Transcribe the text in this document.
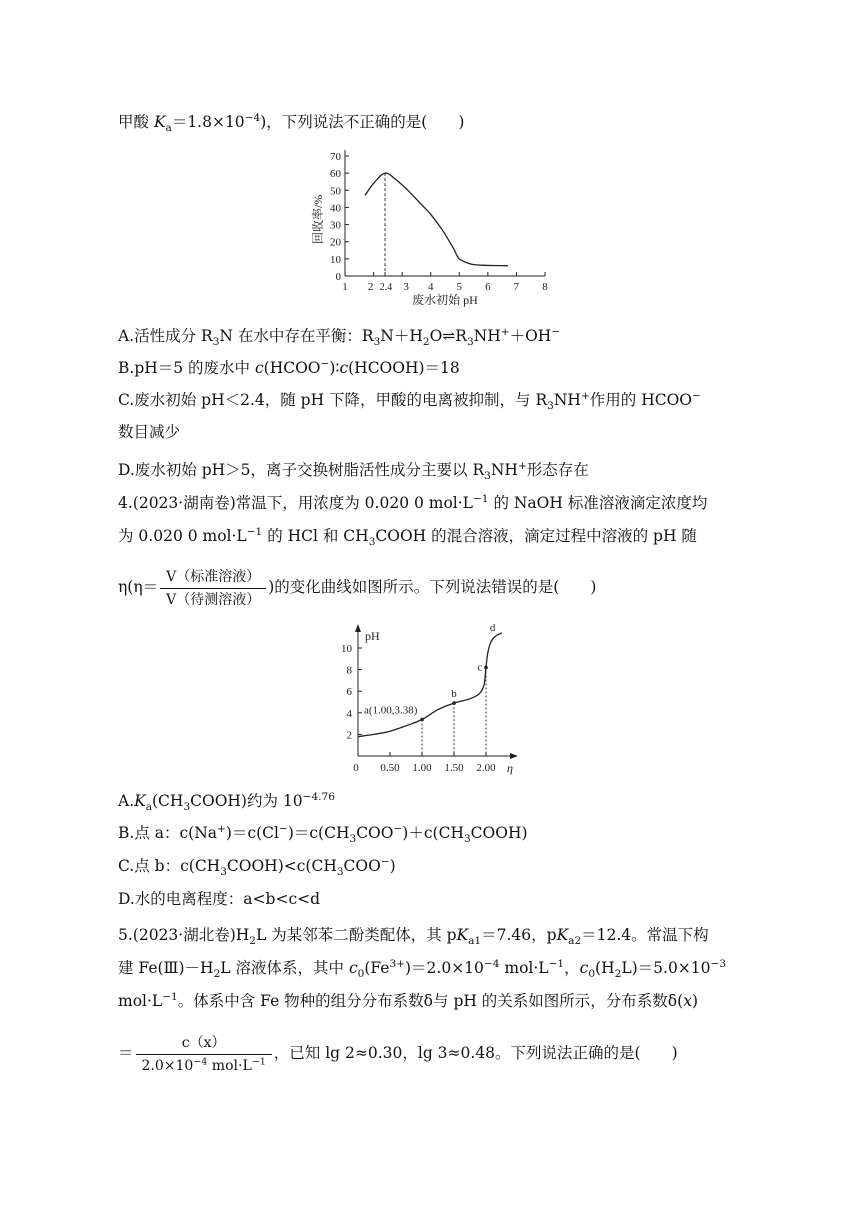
甲酸 $K_a=1.8\times 10^{-4}$)，下列说法不正确的是(　　)
回收率/%
0
10
20
30
40
50
60
70
1 2 2.4 3 4 5 6 7 8
废水初始 pH
A.活性成分 $R_3N$ 在水中存在平衡：$R_3N+H_2O\rightleftharpoons R_3NH^++OH^-$
B.pH＝5 的废水中 c(HCOO−)∶c(HCOOH)＝18
C.废水初始 pH＜2.4，随 pH 下降，甲酸的电离被抑制，与 $R_3NH^+$作用的 HCOO−
数目减少
D.废水初始 pH＞5，离子交换树脂活性成分主要以 $R_3NH^+$形态存在
4.(2023·湖南卷)常温下，用浓度为 0.020 0 $mol\cdot L^{-1}$ 的 NaOH 标准溶液滴定浓度均
为 0.020 0 $mol\cdot L^{-1}$ 的 HCl 和 $CH_3COOH$ 的混合溶液，滴定过程中溶液的 pH 随
$\eta(\eta= \frac{\text{V（标准溶液）}}{\text{V（待测溶液）}}$ )的变化曲线如图所示。下列说法错误的是(　　)
pH
η
2
4
6
8
10
0 0.50 1.00 1.50 2.00
a(1.00,3.38)
b
c
d
$A.K_a(CH_3COOH)$约为 $10^{-4.76}$
B.点 a：$c(Na^+)=c(Cl^-)=c(CH_3COO^-)+c(CH_3COOH)$
C.点 b：$c(CH_3COOH)<c(CH_3COO^-)$
D.水的电离程度：a<b<c<d
5.(2023·湖北卷)$H_2L$ 为某邻苯二酚类配体，其 $pK_{a1}=7.46$，$pK_{a2}=12.4$。常温下构
建 $Fe(Ⅲ)-H_2L$ 溶液体系，其中 $c_0(Fe^{3+})=2.0\times 10^{-4}$ $mol\cdot L^{-1}$，$c_0(H_2L)=5.0\times 10^{-3}$
$mol\cdot L^{-1}$。体系中含 Fe 物种的组分分布系数δ与 pH 的关系如图所示，分布系数δ(x)
＝ $\frac{c(x)}{2.0\times 10^{-4} mol\cdot L^{-1}}$ ，已知 lg 2≈0.30，lg 3≈0.48。下列说法正确的是(　　)
